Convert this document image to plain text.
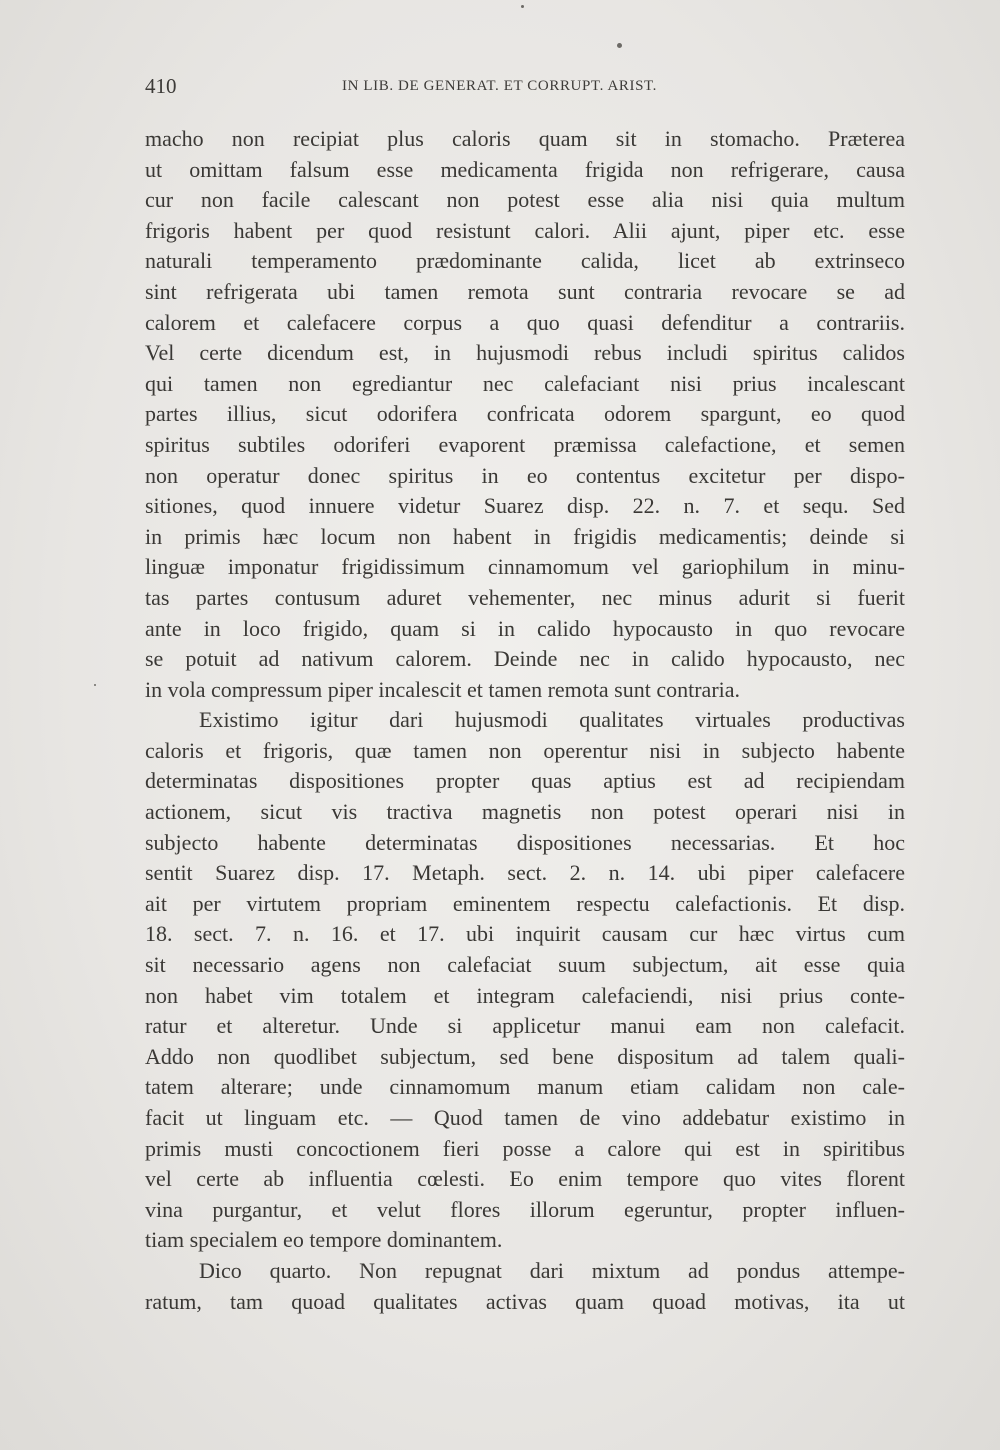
410	IN LIB. DE GENERAT. ET CORRUPT. ARIST.
macho non recipiat plus caloris quam sit in stomacho. Præterea
ut omittam falsum esse medicamenta frigida non refrigerare, causa
cur non facile calescant non potest esse alia nisi quia multum
frigoris habent per quod resistunt calori. Alii ajunt, piper etc. esse
naturali temperamento prædominante calida, licet ab extrinseco
sint refrigerata ubi tamen remota sunt contraria revocare se ad
calorem et calefacere corpus a quo quasi defenditur a contrariis.
Vel certe dicendum est, in hujusmodi rebus includi spiritus calidos
qui tamen non egrediantur nec calefaciant nisi prius incalescant
partes illius, sicut odorifera confricata odorem spargunt, eo quod
spiritus subtiles odoriferi evaporent præmissa calefactione, et semen
non operatur donec spiritus in eo contentus excitetur per dispo-
sitiones, quod innuere videtur Suarez disp. 22. n. 7. et sequ. Sed
in primis hæc locum non habent in frigidis medicamentis; deinde si
linguæ imponatur frigidissimum cinnamomum vel gariophilum in minu-
tas partes contusum aduret vehementer, nec minus adurit si fuerit
ante in loco frigido, quam si in calido hypocausto in quo revocare
se potuit ad nativum calorem. Deinde nec in calido hypocausto, nec
in vola compressum piper incalescit et tamen remota sunt contraria.
Existimo igitur dari hujusmodi qualitates virtuales productivas
caloris et frigoris, quæ tamen non operentur nisi in subjecto habente
determinatas dispositiones propter quas aptius est ad recipiendam
actionem, sicut vis tractiva magnetis non potest operari nisi in
subjecto habente determinatas dispositiones necessarias. Et hoc
sentit Suarez disp. 17. Metaph. sect. 2. n. 14. ubi piper calefacere
ait per virtutem propriam eminentem respectu calefactionis. Et disp.
18. sect. 7. n. 16. et 17. ubi inquirit causam cur hæc virtus cum
sit necessario agens non calefaciat suum subjectum, ait esse quia
non habet vim totalem et integram calefaciendi, nisi prius conte-
ratur et alteretur. Unde si applicetur manui eam non calefacit.
Addo non quodlibet subjectum, sed bene dispositum ad talem quali-
tatem alterare; unde cinnamomum manum etiam calidam non cale-
facit ut linguam etc. — Quod tamen de vino addebatur existimo in
primis musti concoctionem fieri posse a calore qui est in spiritibus
vel certe ab influentia cœlesti. Eo enim tempore quo vites florent
vina purgantur, et velut flores illorum egeruntur, propter influen-
tiam specialem eo tempore dominantem.
Dico quarto. Non repugnat dari mixtum ad pondus attempe-
ratum, tam quoad qualitates activas quam quoad motivas, ita ut
